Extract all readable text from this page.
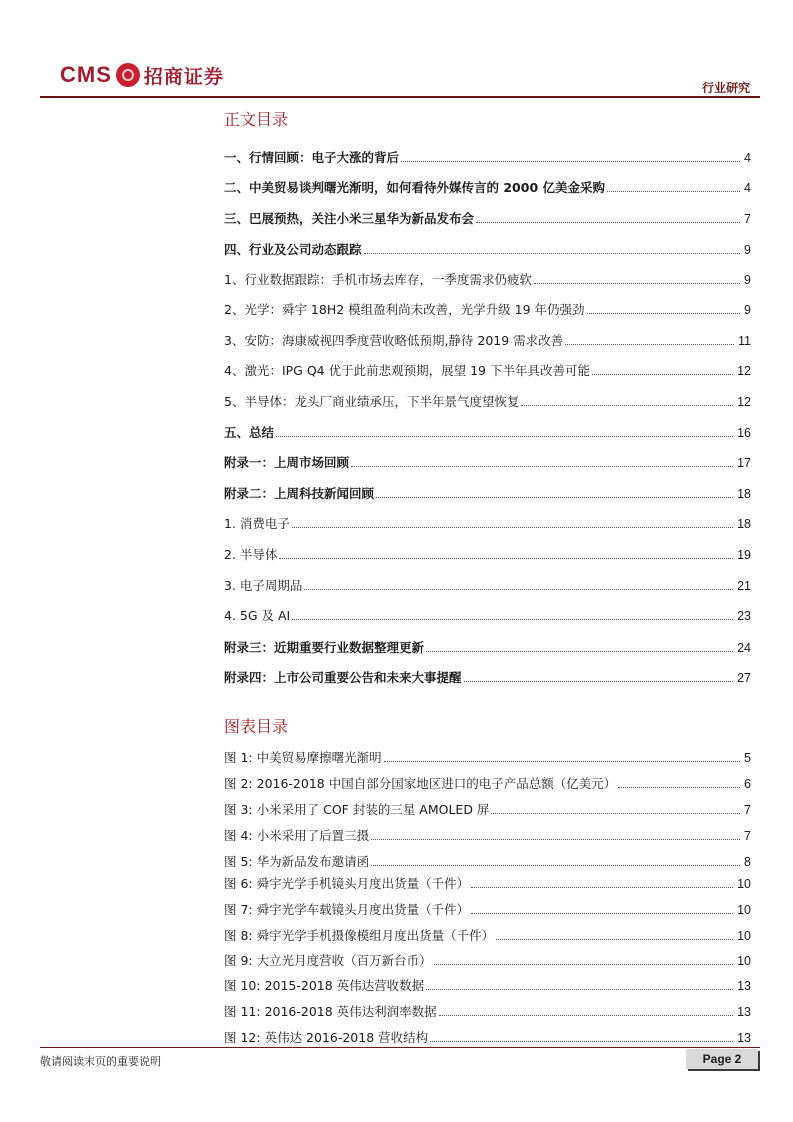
CMS 招商证券
行业研究
正文目录
一、行情回顾：电子大涨的背后	4
二、中美贸易谈判曙光渐明，如何看待外媒传言的 2000 亿美金采购	4
三、巴展预热，关注小米三星华为新品发布会	7
四、行业及公司动态跟踪	9
1、行业数据跟踪：手机市场去库存，一季度需求仍疲软	9
2、光学：舜宇 18H2 模组盈利尚未改善，光学升级 19 年仍强劲	9
3、安防：海康威视四季度营收略低预期,静待 2019 需求改善	11
4、激光：IPG Q4 优于此前悲观预期，展望 19 下半年具改善可能	12
5、半导体：龙头厂商业绩承压，下半年景气度望恢复	12
五、总结	16
附录一：上周市场回顾	17
附录二：上周科技新闻回顾	18
1. 消费电子	18
2. 半导体	19
3. 电子周期品	21
4. 5G 及 AI	23
附录三：近期重要行业数据整理更新	24
附录四：上市公司重要公告和未来大事提醒	27
图表目录
图 1: 中美贸易摩擦曙光渐明	5
图 2: 2016-2018 中国自部分国家地区进口的电子产品总额（亿美元）	6
图 3: 小米采用了 COF 封装的三星 AMOLED 屏	7
图 4: 小米采用了后置三摄	7
图 5: 华为新品发布邀请函	8
图 6: 舜宇光学手机镜头月度出货量（千件）	10
图 7: 舜宇光学车载镜头月度出货量（千件）	10
图 8: 舜宇光学手机摄像模组月度出货量（千件）	10
图 9: 大立光月度营收（百万新台币）	10
图 10: 2015-2018 英伟达营收数据	13
图 11: 2016-2018 英伟达利润率数据	13
图 12: 英伟达 2016-2018 营收结构	13
敬请阅读末页的重要说明	Page 2
